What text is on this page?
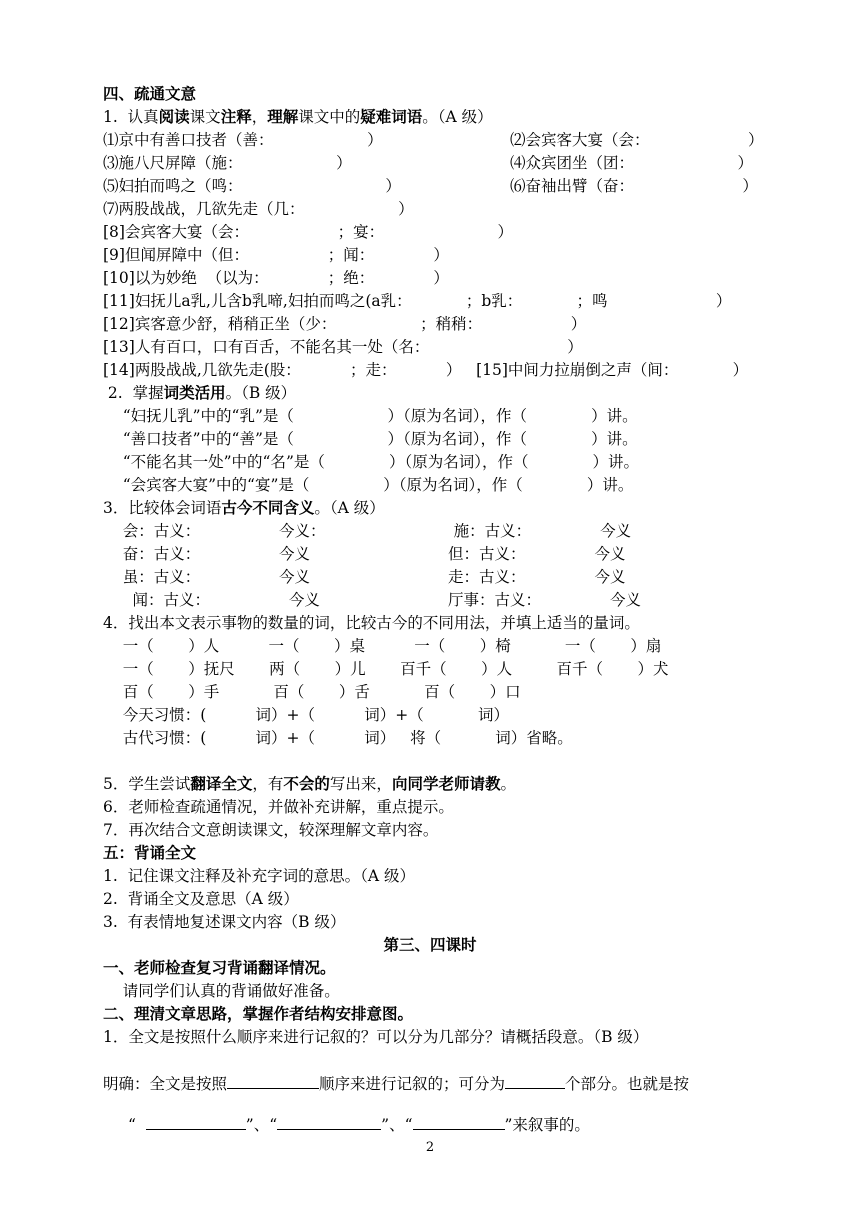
四、疏通文意
1.  认真阅读课文注释，理解课文中的疑难词语。（A 级）
⑴京中有善口技者（善：                   ）	⑵会宾客大宴（会：                    ）
⑶施八尺屏障（施：                   ）	⑷众宾团坐（团：                     ）
⑸妇拍而鸣之（鸣：                             ）	⑹奋袖出臂（奋：                      ）
⑺两股战战，几欲先走（几：                   ）
[8]会宾客大宴（会：                  ；宴：                       ）
[9]但闻屏障中（但：                ；闻：            ）
[10]以为妙绝  （以为：            ；绝：            ）
[11]妇抚儿a乳,儿含b乳啼,妇拍而鸣之(a乳：           ；b乳：           ；鸣                      ）
[12]宾客意少舒，稍稍正坐（少：                 ；稍稍：                  ）
[13]人有百口，口有百舌，不能名其一处（名：                            ）
[14]两股战战,几欲先走(股：          ；走：          ）   [15]中间力拉崩倒之声（间：           ）
2.  掌握词类活用。（B 级）
“妇抚儿乳”中的“乳”是（                   ）（原为名词），作（             ）讲。
“善口技者”中的“善”是（                   ）（原为名词），作（             ）讲。
“不能名其一处”中的“名”是（             ）（原为名词），作（             ）讲。
“会宾客大宴”中的“宴”是（               ）（原为名词），作（             ）讲。
3．比较体会词语古今不同含义。（A 级）
会：古义：                今义：                          施：古义：              今义
奋：古义：                今义                            但：古义：              今义
虽：古义：                今义                            走：古义：              今义
闻：古义：                今义                          厅事：古义：              今义
4．找出本文表示事物的数量的词，比较古今的不同用法，并填上适当的量词。
一（       ）人          一（       ）桌          一（       ）椅           一（       ）扇
一（       ）抚尺       两（       ）儿       百千（       ）人         百千（       ）犬
百（       ）手           百（       ）舌           百（       ）口
今天习惯：(          词）+（          词）+（           词）
古代习惯：(          词）+（          词）   将（           词）省略。
5．学生尝试翻译全文，有不会的写出来，向同学老师请教。
6．老师检查疏通情况，并做补充讲解，重点提示。
7．再次结合文意朗读课文，较深理解文章内容。
五：背诵全文
1.  记住课文注释及补充字词的意思。（A 级）
2.  背诵全文及意思（A 级）
3.  有表情地复述课文内容（B 级）
第三、四课时
一、老师检查复习背诵翻译情况。
请同学们认真的背诵做好准备。
二、理清文章思路，掌握作者结构安排意图。
1．全文是按照什么顺序来进行记叙的？可以分为几部分？请概括段意。（B 级）
明确：全文是按照	顺序来进行记叙的；可分为	个部分。也就是按
“	”、“	”、“	”来叙事的。
2
